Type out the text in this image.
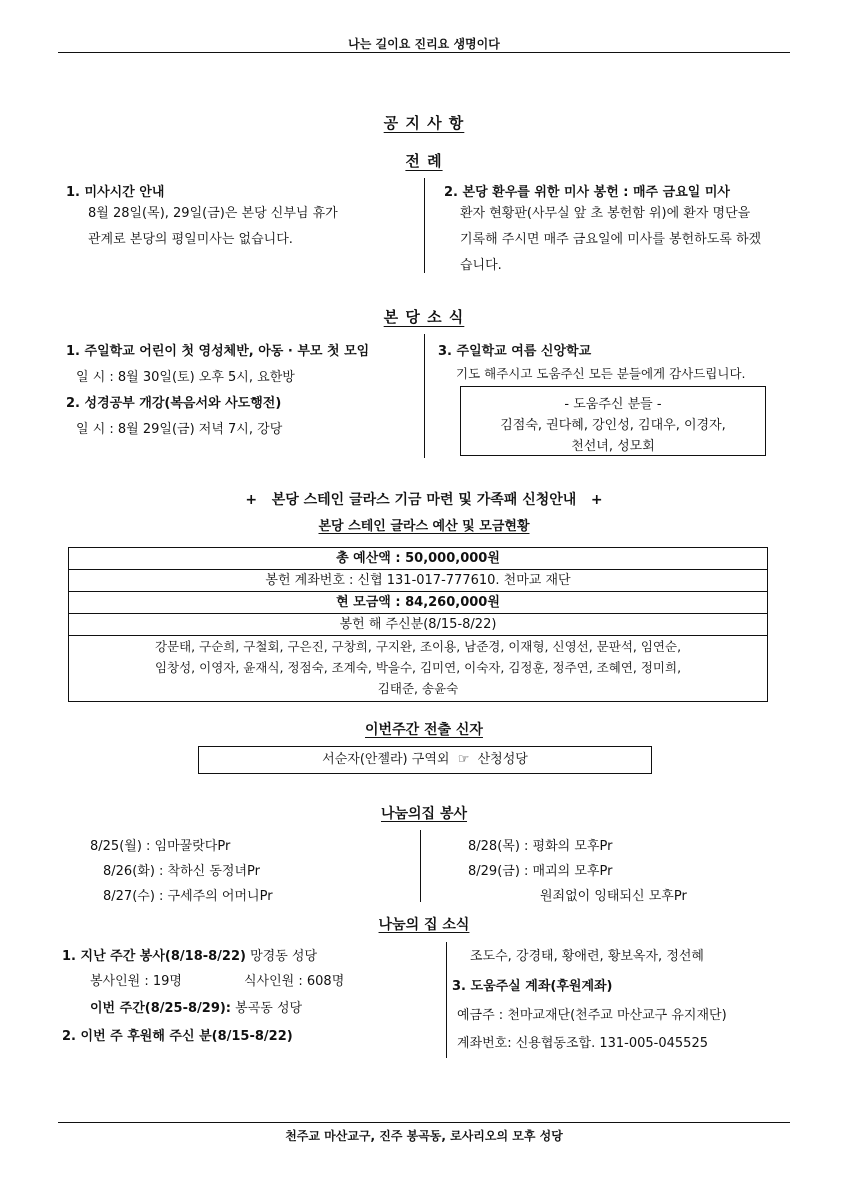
나는 길이요 진리요 생명이다
공 지 사 항
전 례
1. 미사시간 안내
8월 28일(목), 29일(금)은 본당 신부님 휴가
관계로 본당의 평일미사는 없습니다.
2. 본당 환우를 위한 미사 봉헌 : 매주 금요일 미사
환자 현황판(사무실 앞 초 봉헌함 위)에 환자 명단을
기록해 주시면 매주 금요일에 미사를 봉헌하도록 하겠
습니다.
본 당 소 식
1. 주일학교 어린이 첫 영성체반, 아동 · 부모 첫 모임
일 시 : 8월 30일(토) 오후 5시, 요한방
2. 성경공부 개강(복음서와 사도행전)
일 시 : 8월 29일(금) 저녁 7시, 강당
3. 주일학교 여름 신앙학교
기도 해주시고 도움주신 모든 분들에게 감사드립니다.
- 도움주신 분들 -
김점숙, 권다혜, 강인성, 김대우, 이경자,
천선녀, 성모회
+   본당 스테인 글라스 기금 마련 및 가족패 신청안내   +
본당 스테인 글라스 예산 및 모금현황
총 예산액 : 50,000,000원
봉헌 계좌번호 : 신협 131-017-777610. 천마교 재단
현 모금액 : 84,260,000원
봉헌 해 주신분(8/15-8/22)
강문태, 구순희, 구철회, 구은진, 구창희, 구지완, 조이용, 남준경, 이재형, 신영선, 문판석, 임연순,
임창성, 이영자, 윤재식, 정점숙, 조계숙, 박을수, 김미연, 이숙자, 김정훈, 정주연, 조혜연, 정미희,
김태준, 송윤숙
이번주간 전출 신자
서순자(안젤라) 구역외  ☞  산청성당
나눔의집 봉사
8/25(월) : 임마꿀랏다Pr
8/26(화) : 착하신 동정녀Pr
8/27(수) : 구세주의 어머니Pr
8/28(목) : 평화의 모후Pr
8/29(금) : 매괴의 모후Pr
원죄없이 잉태되신 모후Pr
나눔의 집 소식
1. 지난 주간 봉사(8/18-8/22) 망경동 성당
봉사인원 : 19명	식사인원 : 608명
이번 주간(8/25-8/29): 봉곡동 성당
2. 이번 주 후원해 주신 분(8/15-8/22)
조도수, 강경태, 황애련, 황보옥자, 정선혜
3. 도움주실 계좌(후원계좌)
예금주 : 천마교재단(천주교 마산교구 유지재단)
계좌번호: 신용협동조합. 131-005-045525
천주교 마산교구, 진주 봉곡동, 로사리오의 모후 성당
